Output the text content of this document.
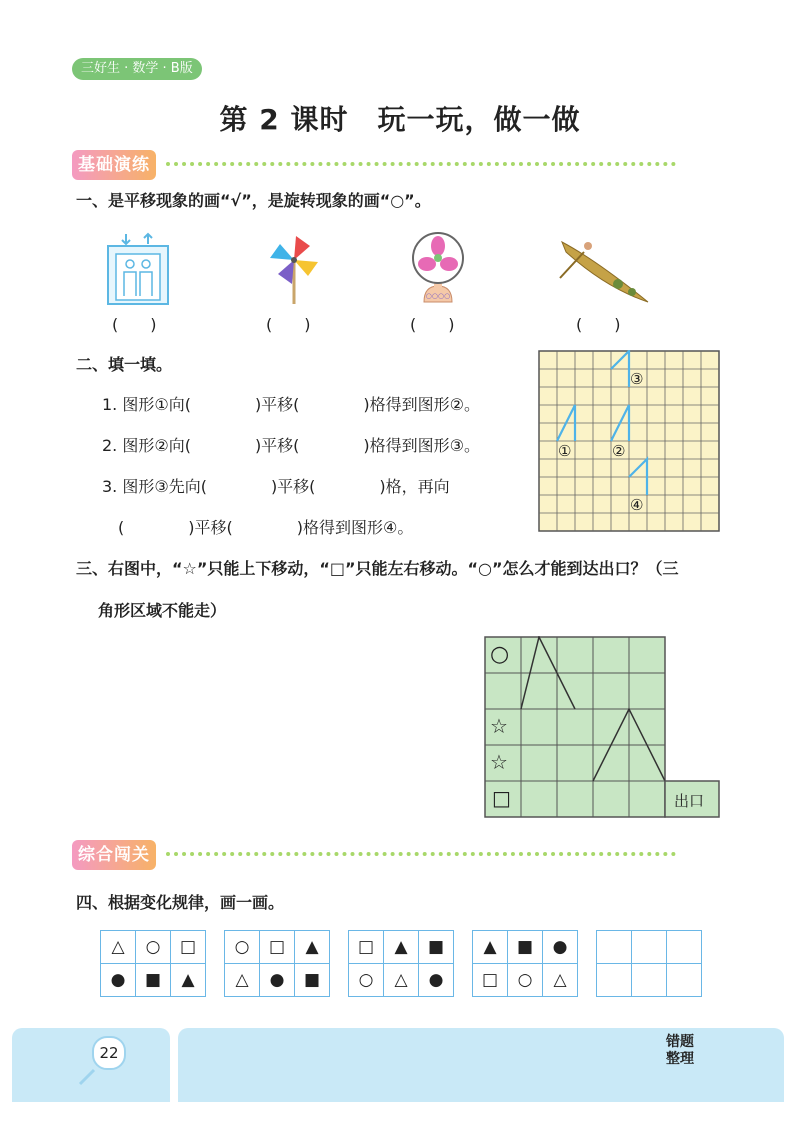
三好生 · 数学 · B版
第 2 课时　玩一玩，做一做
基础演练
一、是平移现象的画“√”，是旋转现象的画“○”。
○○○○
(　　)	(　　)	(　　)	(　　)
二、填一填。
1. 图形①向(　　　　)平移(　　　　)格得到图形②。
2. 图形②向(　　　　)平移(　　　　)格得到图形③。
3. 图形③先向(　　　　)平移(　　　　)格，再向
(　　　　)平移(　　　　)格得到图形④。
①	②
③
④
三、右图中，“☆”只能上下移动，“□”只能左右移动。“○”怎么才能到达出口？（三
角形区域不能走）
○
☆
☆
□	出口
综合闯关
四、根据变化规律，画一画。
△	○	□
●	■	▲
○	□	▲
△	●	■
□	▲	■
○	△	●
▲	■	●
□	○	△

22
错题
整理
